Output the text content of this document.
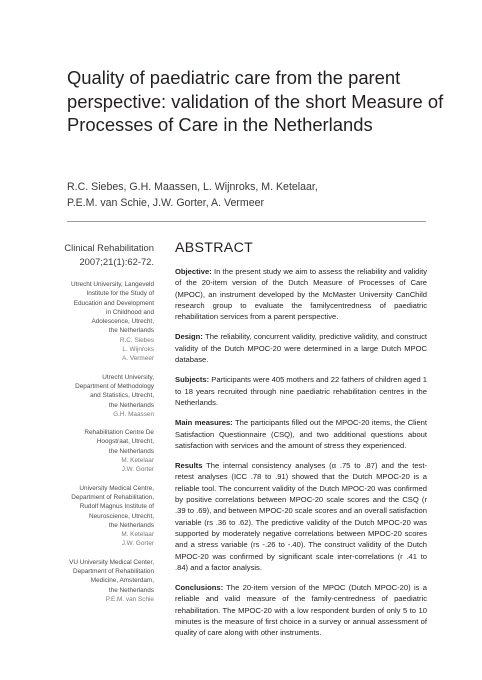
Quality of paediatric care from the parent perspective: validation of the short Measure of Processes of Care in the Netherlands
R.C. Siebes, G.H. Maassen, L. Wijnroks, M. Ketelaar,
P.E.M. van Schie, J.W. Gorter, A. Vermeer
Clinical Rehabilitation
2007;21(1):62-72.
Utrecht University, Langeveld
Institute for the Study of
Education and Development
in Childhood and
Adolescence, Utrecht,
the Netherlands
R.C. Siebes
L. Wijnroks
A. Vermeer
Utrecht University,
Department of Methodology
and Statistics, Utrecht,
the Netherlands
G.H. Maassen
Rehabilitation Centre De
Hoogstraat, Utrecht,
the Netherlands
M. Ketelaar
J.W. Gorter
University Medical Centre,
Department of Rehabilitation,
Rudolf Magnus Institute of
Neuroscience, Utrecht,
the Netherlands
M. Ketelaar
J.W. Gorter
VU University Medical Center,
Department of Rehabilitation
Medicine, Amsterdam,
the Netherlands
P.E.M. van Schie
ABSTRACT

Objective: In the present study we aim to assess the reliability and validity of the 20-item version of the Dutch Measure of Processes of Care (MPOC), an instrument developed by the McMaster University CanChild research group to evaluate the familycentredness of paediatric rehabilitation services from a parent perspective.

Design: The reliability, concurrent validity, predictive validity, and construct validity of the Dutch MPOC-20 were determined in a large Dutch MPOC database.

Subjects: Participants were 405 mothers and 22 fathers of children aged 1 to 18 years recruited through nine paediatric rehabilitation centres in the Netherlands.

Main measures: The participants filled out the MPOC-20 items, the Client Satisfaction Questionnaire (CSQ), and two additional questions about satisfaction with services and the amount of stress they experienced.

Results The internal consistency analyses (α .75 to .87) and the test-retest analyses (ICC .78 to .91) showed that the Dutch MPOC-20 is a reliable tool. The concurrent validity of the Dutch MPOC-20 was confirmed by positive correlations between MPOC-20 scale scores and the CSQ (r .39 to .69), and between MPOC-20 scale scores and an overall satisfaction variable (rs .36 to .62). The predictive validity of the Dutch MPOC-20 was supported by moderately negative correlations between MPOC-20 scores and a stress variable (rs -.26 to -.40). The construct validity of the Dutch MPOC-20 was confirmed by significant scale inter-correlations (r .41 to .84) and a factor analysis.

Conclusions: The 20-item version of the MPOC (Dutch MPOC-20) is a reliable and valid measure of the family-centredness of paediatric rehabilitation. The MPOC-20 with a low respondent burden of only 5 to 10 minutes is the measure of first choice in a survey or annual assessment of quality of care along with other instruments.
